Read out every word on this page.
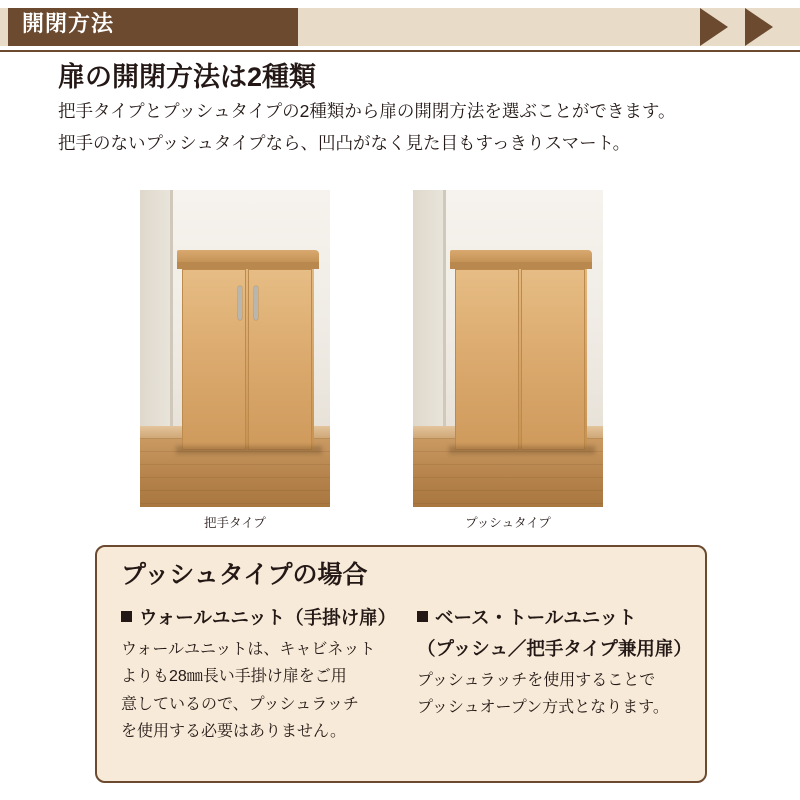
開閉方法
扉の開閉方法は2種類
把手タイプとプッシュタイプの2種類から扉の開閉方法を選ぶことができます。
把手のないプッシュタイプなら、凹凸がなく見た目もすっきりスマート。
把手タイプ	プッシュタイプ
プッシュタイプの場合
ウォールユニット（手掛け扉）
ウォールユニットは、キャビネット
よりも28㎜長い手掛け扉をご用
意しているので、プッシュラッチ
を使用する必要はありません。
ベース・トールユニット
（プッシュ／把手タイプ兼用扉）
プッシュラッチを使用することで
プッシュオープン方式となります。
